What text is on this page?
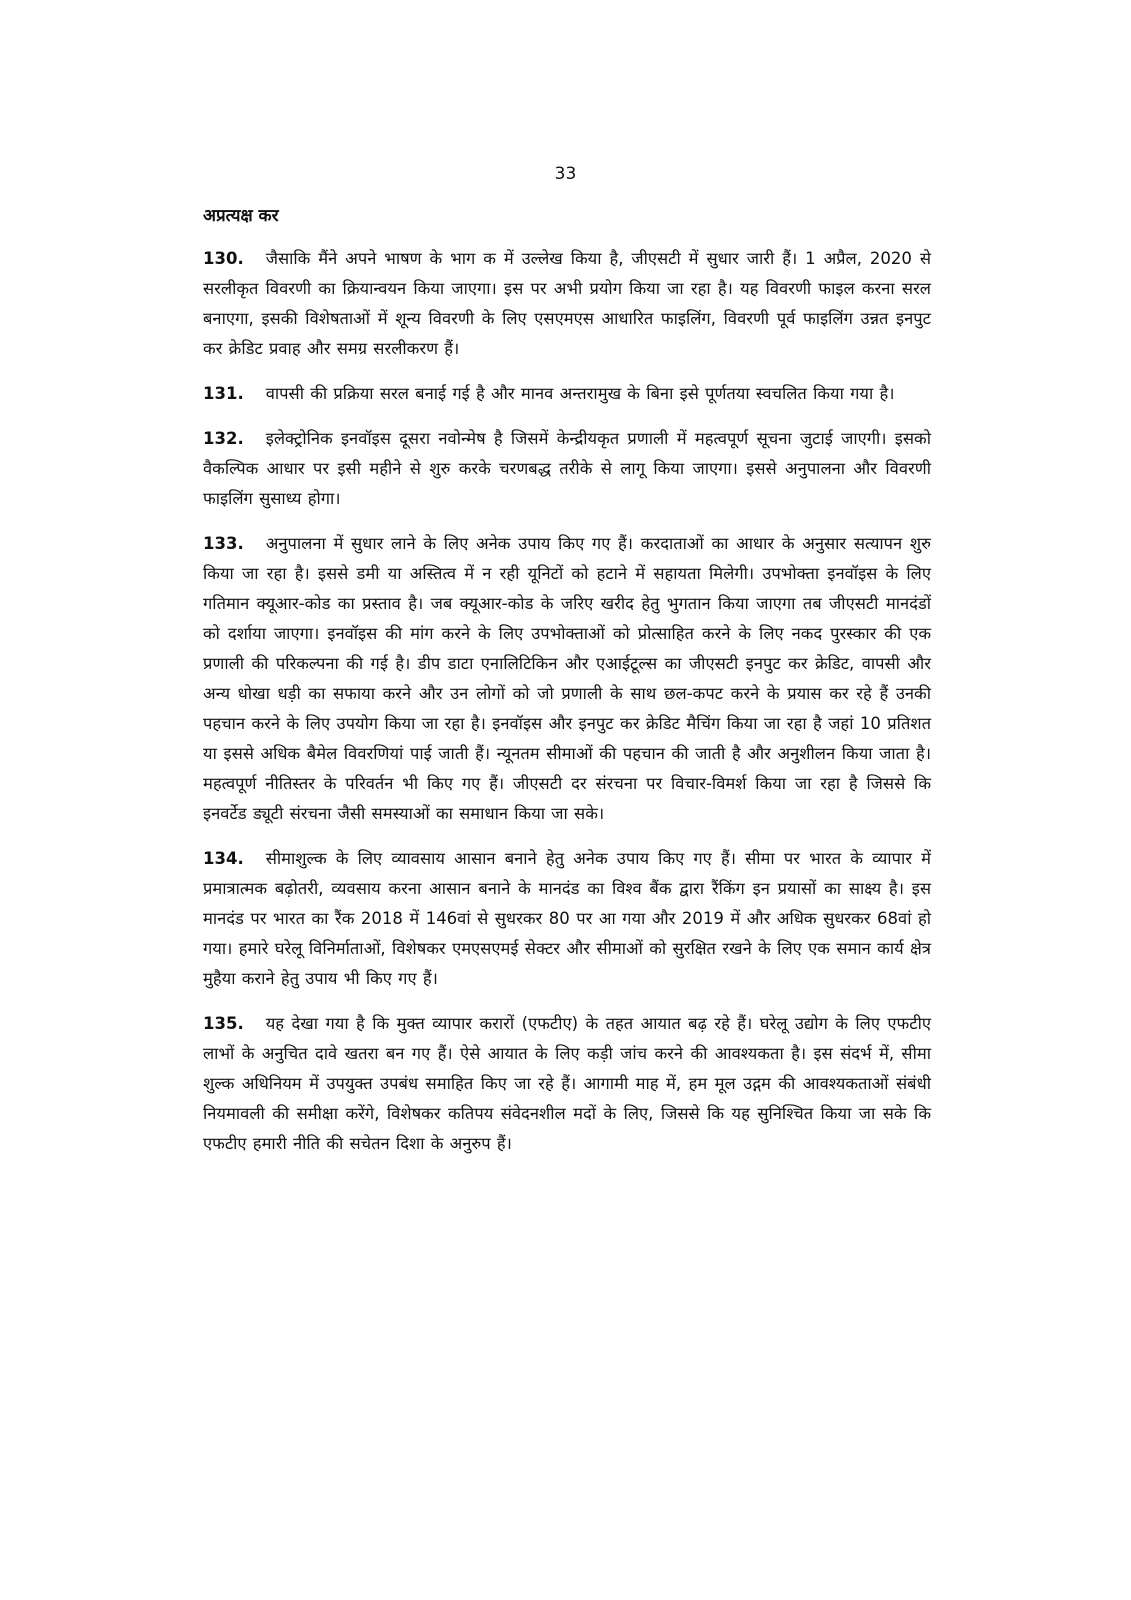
33
अप्रत्यक्ष कर

130. जैसाकि मैंने अपने भाषण के भाग क में उल्लेख किया है, जीएसटी में सुधार जारी हैं। 1 अप्रैल, 2020 से सरलीकृत विवरणी का क्रियान्वयन किया जाएगा। इस पर अभी प्रयोग किया जा रहा है। यह विवरणी फाइल करना सरल बनाएगा, इसकी विशेषताओं में शून्य विवरणी के लिए एसएमएस आधारित फाइलिंग, विवरणी पूर्व फाइलिंग उन्नत इनपुट कर क्रेडिट प्रवाह और समग्र सरलीकरण हैं।

131. वापसी की प्रक्रिया सरल बनाई गई है और मानव अन्तरामुख के बिना इसे पूर्णतया स्वचलित किया गया है।

132. इलेक्ट्रोनिक इनवॉइस दूसरा नवोन्मेष है जिसमें केन्द्रीयकृत प्रणाली में महत्वपूर्ण सूचना जुटाई जाएगी। इसको वैकल्पिक आधार पर इसी महीने से शुरु करके चरणबद्ध तरीके से लागू किया जाएगा। इससे अनुपालना और विवरणी फाइलिंग सुसाध्य होगा।

133. अनुपालना में सुधार लाने के लिए अनेक उपाय किए गए हैं। करदाताओं का आधार के अनुसार सत्यापन शुरु किया जा रहा है। इससे डमी या अस्तित्व में न रही यूनिटों को हटाने में सहायता मिलेगी। उपभोक्ता इनवॉइस के लिए गतिमान क्यूआर-कोड का प्रस्ताव है। जब क्यूआर-कोड के जरिए खरीद हेतु भुगतान किया जाएगा तब जीएसटी मानदंडों को दर्शाया जाएगा। इनवॉइस की मांग करने के लिए उपभोक्ताओं को प्रोत्साहित करने के लिए नकद पुरस्कार की एक प्रणाली की परिकल्पना की गई है। डीप डाटा एनालिटिकिन और एआईटूल्स का जीएसटी इनपुट कर क्रेडिट, वापसी और अन्य धोखा धड़ी का सफाया करने और उन लोगों को जो प्रणाली के साथ छल-कपट करने के प्रयास कर रहे हैं उनकी पहचान करने के लिए उपयोग किया जा रहा है। इनवॉइस और इनपुट कर क्रेडिट मैचिंग किया जा रहा है जहां 10 प्रतिशत या इससे अधिक बैमेल विवरणियां पाई जाती हैं। न्यूनतम सीमाओं की पहचान की जाती है और अनुशीलन किया जाता है। महत्वपूर्ण नीतिस्तर के परिवर्तन भी किए गए हैं। जीएसटी दर संरचना पर विचार-विमर्श किया जा रहा है जिससे कि इनवर्टेड ड्यूटी संरचना जैसी समस्याओं का समाधान किया जा सके।

134. सीमाशुल्क के लिए व्यावसाय आसान बनाने हेतु अनेक उपाय किए गए हैं। सीमा पर भारत के व्यापार में प्रमात्रात्मक बढ़ोतरी, व्यवसाय करना आसान बनाने के मानदंड का विश्व बैंक द्वारा रैंकिंग इन प्रयासों का साक्ष्य है। इस मानदंड पर भारत का रैंक 2018 में 146वां से सुधरकर 80 पर आ गया और 2019 में और अधिक सुधरकर 68वां हो गया। हमारे घरेलू विनिर्माताओं, विशेषकर एमएसएमई सेक्टर और सीमाओं को सुरक्षित रखने के लिए एक समान कार्य क्षेत्र मुहैया कराने हेतु उपाय भी किए गए हैं।

135. यह देखा गया है कि मुक्त व्यापार करारों (एफटीए) के तहत आयात बढ़ रहे हैं। घरेलू उद्योग के लिए एफटीए लाभों के अनुचित दावे खतरा बन गए हैं। ऐसे आयात के लिए कड़ी जांच करने की आवश्यकता है। इस संदर्भ में, सीमा शुल्क अधिनियम में उपयुक्त उपबंध समाहित किए जा रहे हैं। आगामी माह में, हम मूल उद्गम की आवश्यकताओं संबंधी नियमावली की समीक्षा करेंगे, विशेषकर कतिपय संवेदनशील मदों के लिए, जिससे कि यह सुनिश्चित किया जा सके कि एफटीए हमारी नीति की सचेतन दिशा के अनुरुप हैं।
